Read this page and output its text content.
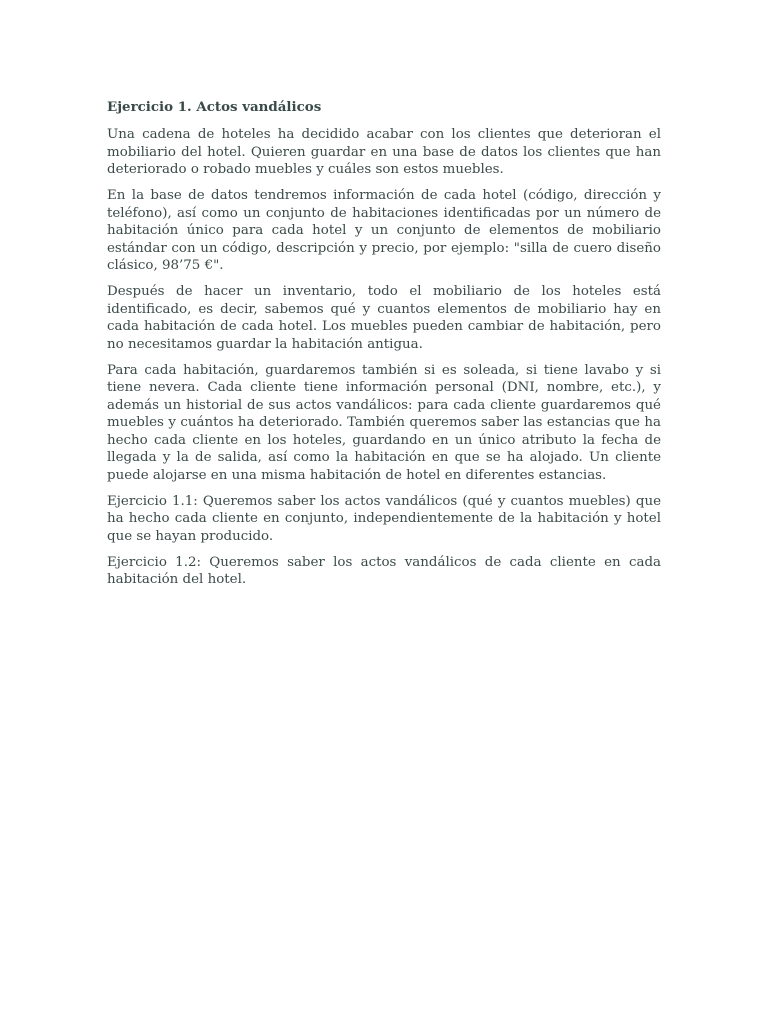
Ejercicio 1. Actos vandálicos

Una cadena de hoteles ha decidido acabar con los clientes que deterioran el mobiliario del hotel. Quieren guardar en una base de datos los clientes que han deteriorado o robado muebles y cuáles son estos muebles.

En la base de datos tendremos información de cada hotel (código, dirección y teléfono), así como un conjunto de habitaciones identificadas por un número de habitación único para cada hotel y un conjunto de elementos de mobiliario estándar con un código, descripción y precio, por ejemplo: "silla de cuero diseño clásico, 98’75 €".

Después de hacer un inventario, todo el mobiliario de los hoteles está identificado, es decir, sabemos qué y cuantos elementos de mobiliario hay en cada habitación de cada hotel. Los muebles pueden cambiar de habitación, pero no necesitamos guardar la habitación antigua.

Para cada habitación, guardaremos también si es soleada, si tiene lavabo y si tiene nevera. Cada cliente tiene información personal (DNI, nombre, etc.), y además un historial de sus actos vandálicos: para cada cliente guardaremos qué muebles y cuántos ha deteriorado. También queremos saber las estancias que ha hecho cada cliente en los hoteles, guardando en un único atributo la fecha de llegada y la de salida, así como la habitación en que se ha alojado. Un cliente puede alojarse en una misma habitación de hotel en diferentes estancias.

Ejercicio 1.1: Queremos saber los actos vandálicos (qué y cuantos muebles) que ha hecho cada cliente en conjunto, independientemente de la habitación y hotel que se hayan producido.

Ejercicio 1.2: Queremos saber los actos vandálicos de cada cliente en cada habitación del hotel.
